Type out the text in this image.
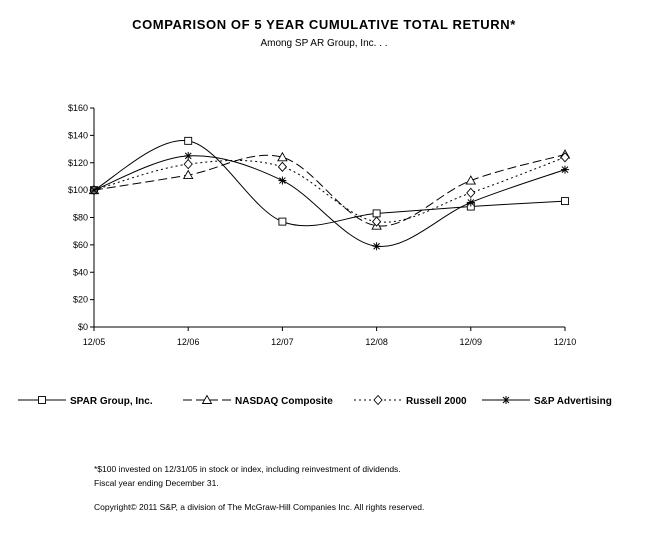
COMPARISON OF 5 YEAR CUMULATIVE TOTAL RETURN*
Among SP AR Group, Inc. . .
$0
$20
$40
$60
$80
$100
$120
$140
$160
12/05	12/06	12/07	12/08	12/09	12/10
SPAR Group, Inc.	NASDAQ Composite	Russell 2000	S&P Advertising
*$100 invested on 12/31/05 in stock or index, including reinvestment of dividends.
Fiscal year ending December 31.
Copyright© 2011 S&P, a division of The McGraw-Hill Companies Inc. All rights reserved.
